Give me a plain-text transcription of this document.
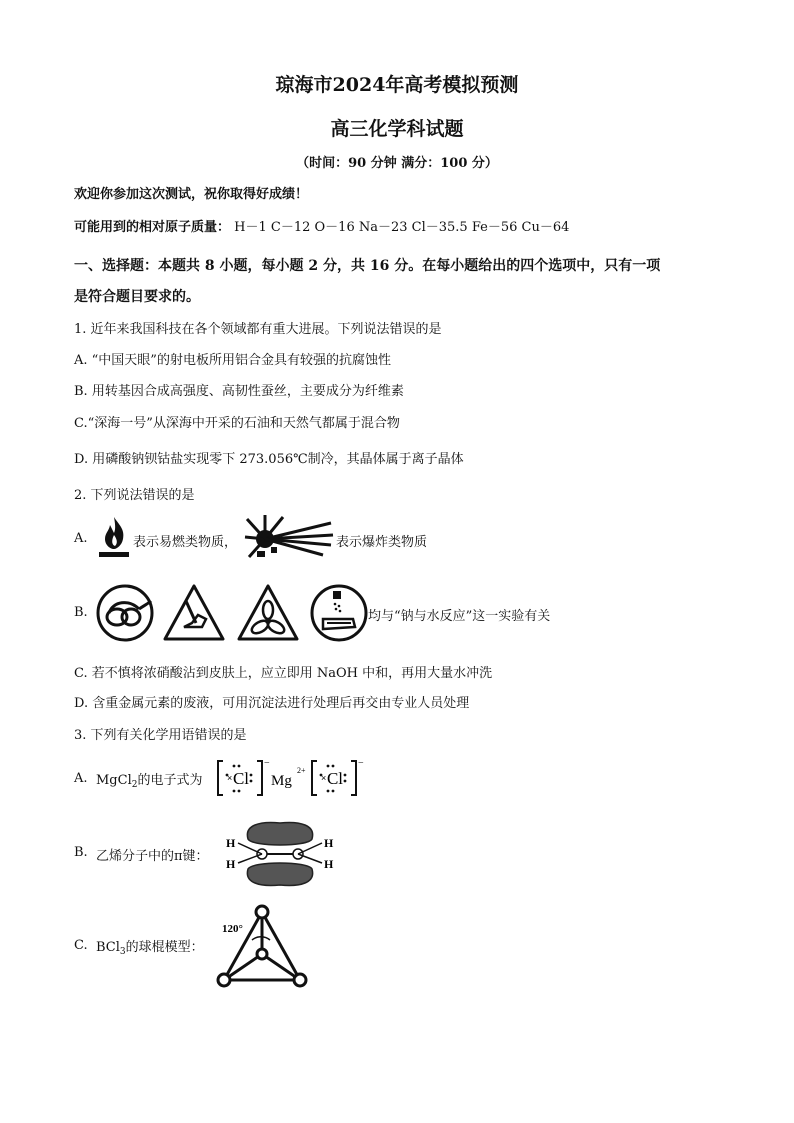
琼海市2024年高考模拟预测
高三化学科试题
（时间：90 分钟 满分：100 分）
欢迎你参加这次测试，祝你取得好成绩！
可能用到的相对原子质量： H－1 C－12 O－16 Na－23 Cl－35.5 Fe－56 Cu－64
一、选择题：本题共 8 小题，每小题 2 分，共 16 分。在每小题给出的四个选项中，只有一项
是符合题目要求的。
1. 近年来我国科技在各个领域都有重大进展。下列说法错误的是
A. “中国天眼”的射电板所用铝合金具有较强的抗腐蚀性
B. 用转基因合成高强度、高韧性蚕丝，主要成分为纤维素
C.“深海一号”从深海中开采的石油和天然气都属于混合物
D. 用磷酸钠钡钴盐实现零下 273.056℃制冷，其晶体属于离子晶体
2. 下列说法错误的是
A.	表示易燃类物质，	表示爆炸类物质
B.	均与“钠与水反应”这一实验有关
C. 若不慎将浓硝酸沾到皮肤上，应立即用 NaOH 中和，再用大量水冲洗
D. 含重金属元素的废液，可用沉淀法进行处理后再交由专业人员处理
3. 下列有关化学用语错误的是
A. MgCl$_2$的电子式为 Cl
×
−
Mg
2+ Cl
×
−
B. 乙烯分子中的π键：
H
H
H
H
C. BCl$_3$的球棍模型：
120°
